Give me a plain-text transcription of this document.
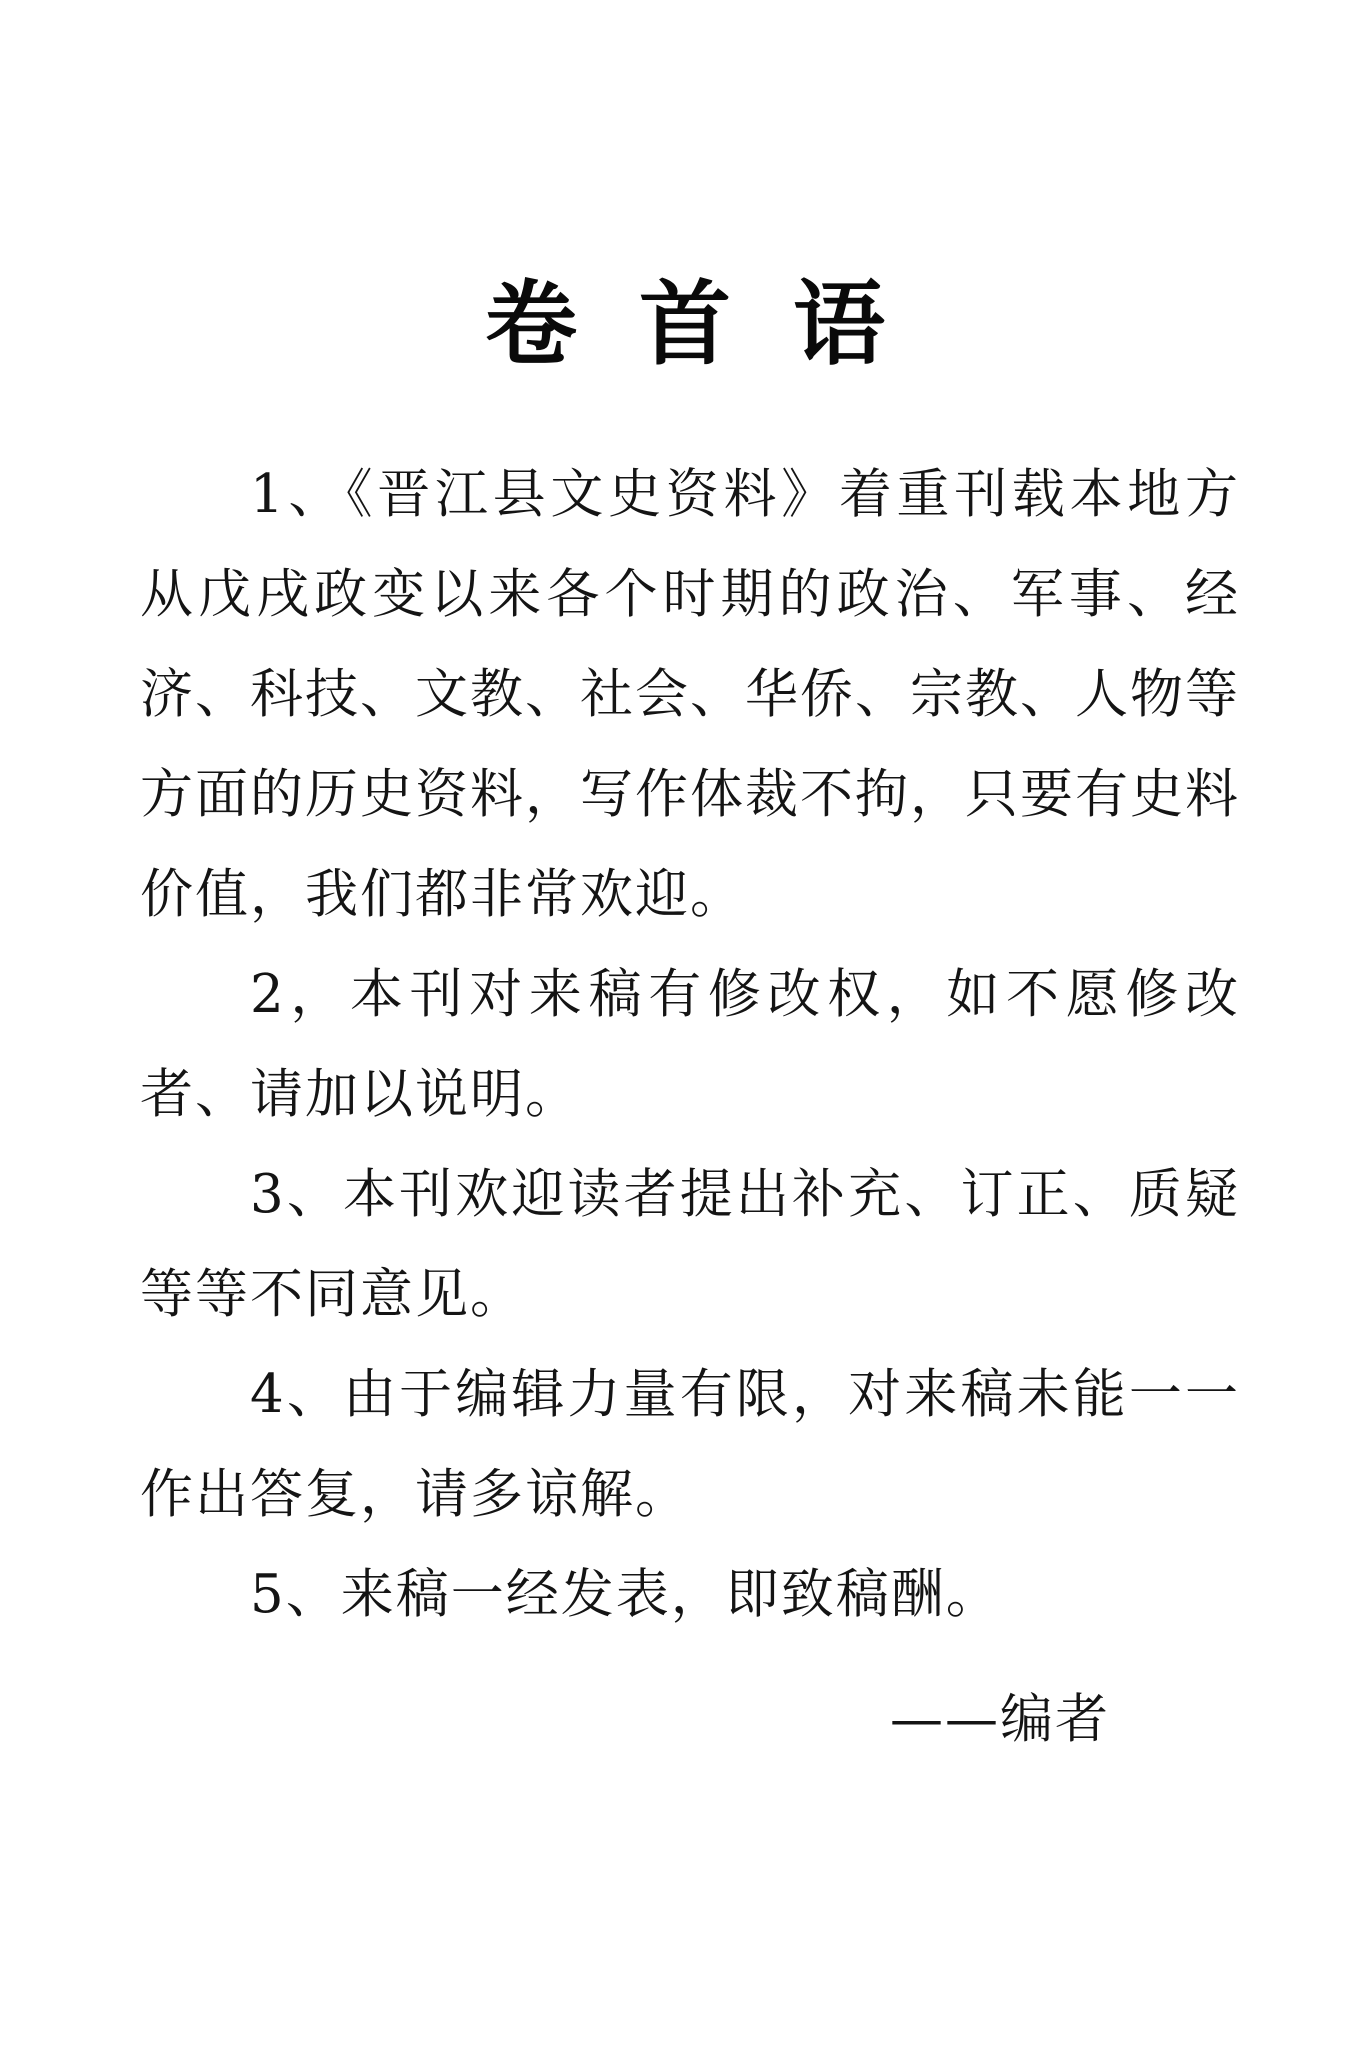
卷首语

1、《晋江县文史资料》着重刊载本地方从戊戌政变以来各个时期的政治、军事、经济、科技、文教、社会、华侨、宗教、人物等方面的历史资料，写作体裁不拘，只要有史料价值，我们都非常欢迎。

2，本刊对来稿有修改权，如不愿修改者、请加以说明。

3、本刊欢迎读者提出补充、订正、质疑等等不同意见。

4、由于编辑力量有限，对来稿未能一一作出答复，请多谅解。

5、来稿一经发表，即致稿酬。

——编者
